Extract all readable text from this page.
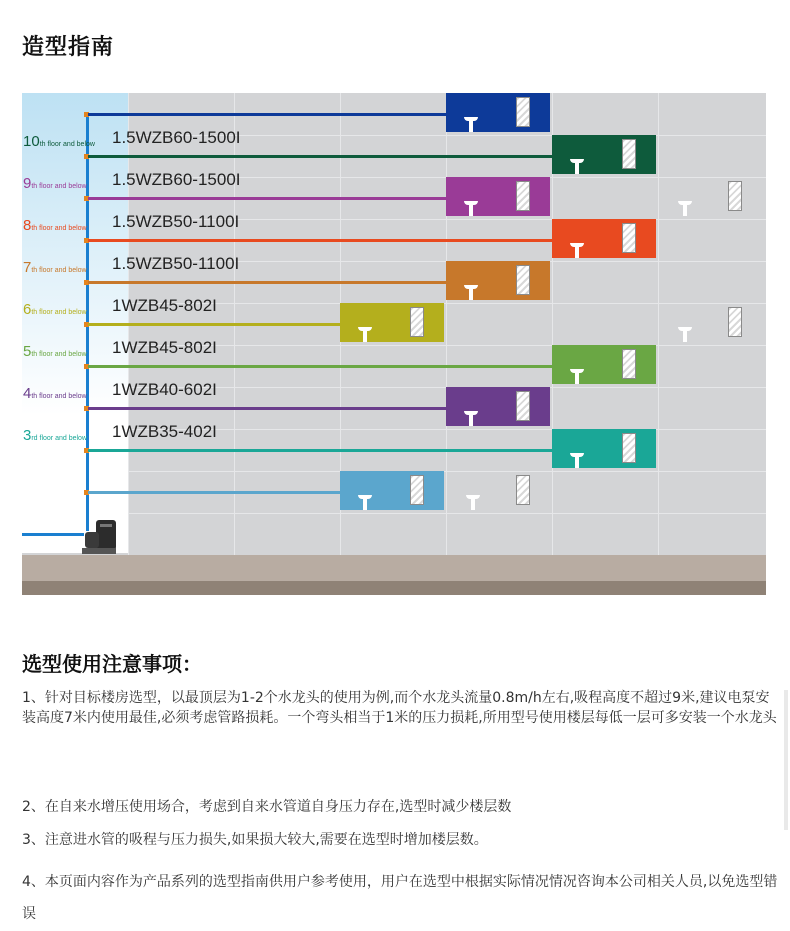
造型指南
10th floor and below 1.5WZB60-1500I
9th floor and below 1.5WZB60-1500I
8th floor and below 1.5WZB50-1100I
7th floor and below 1.5WZB50-1100I
6th floor and below 1WZB45-802I
5th floor and below 1WZB45-802I
4th floor and below 1WZB40-602I
3rd floor and below 1WZB35-402I
选型使用注意事项：
1、针对目标楼房选型，以最顶层为1-2个水龙头的使用为例,而个水龙头流量0.8m/h左右,吸程高度不超过9米,建议电泵安装高度7米内使用最佳,必须考虑管路损耗。一个弯头相当于1米的压力损耗,所用型号使用楼层每低一层可多安装一个水龙头
2、在自来水增压使用场合，考虑到自来水管道自身压力存在,选型时减少楼层数
3、注意进水管的吸程与压力损失,如果损大较大,需要在选型时增加楼层数。
4、本页面内容作为产品系列的选型指南供用户参考使用，用户在选型中根据实际情况情况咨询本公司相关人员,以免选型错误
